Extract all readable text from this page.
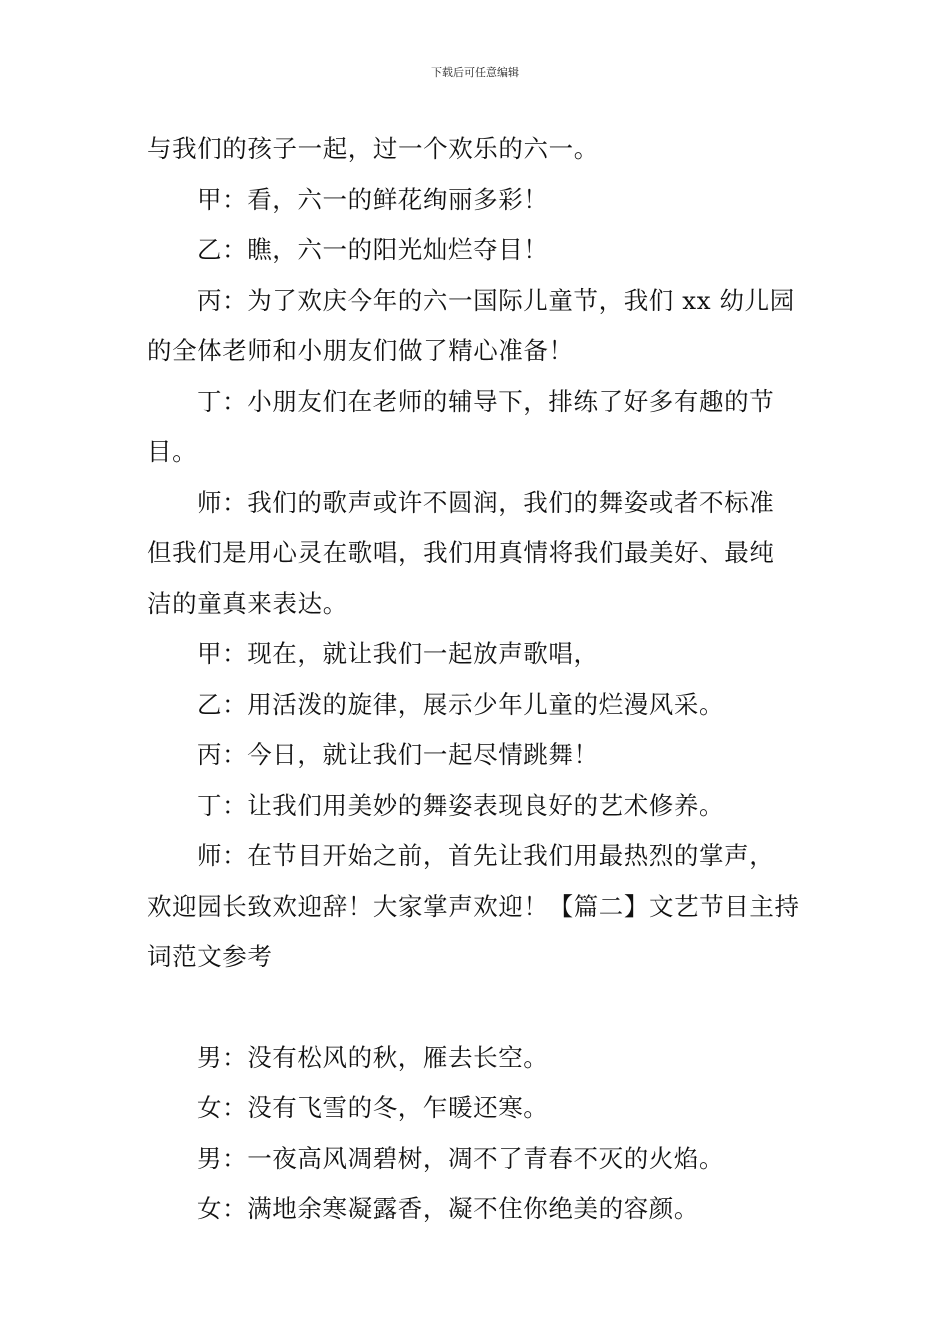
下载后可任意编辑

与我们的孩子一起，过一个欢乐的六一。

甲：看，六一的鲜花绚丽多彩！

乙：瞧，六一的阳光灿烂夺目！

丙：为了欢庆今年的六一国际儿童节，我们 xx 幼儿园

的全体老师和小朋友们做了精心准备！

丁：小朋友们在老师的辅导下，排练了好多有趣的节

目。

师：我们的歌声或许不圆润，我们的舞姿或者不标准

但我们是用心灵在歌唱，我们用真情将我们最美好、最纯

洁的童真来表达。

甲：现在，就让我们一起放声歌唱，

乙：用活泼的旋律，展示少年儿童的烂漫风采。

丙：今日，就让我们一起尽情跳舞！

丁：让我们用美妙的舞姿表现良好的艺术修养。

师：在节目开始之前，首先让我们用最热烈的掌声，

欢迎园长致欢迎辞！大家掌声欢迎！【篇二】文艺节目主持

词范文参考

男：没有松风的秋，雁去长空。

女：没有飞雪的冬，乍暖还寒。

男：一夜高风凋碧树，凋不了青春不灭的火焰。

女：满地余寒凝露香，凝不住你绝美的容颜。
